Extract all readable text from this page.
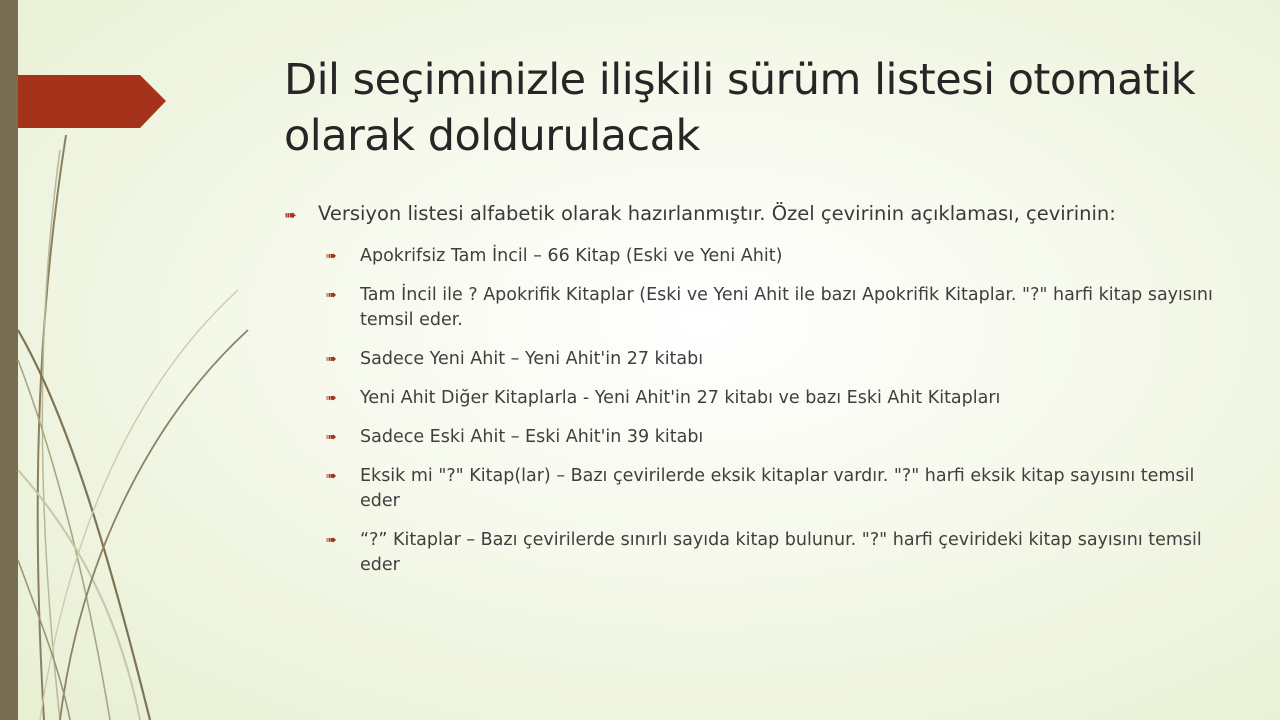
Dil seçiminizle ilişkili sürüm listesi otomatik olarak doldurulacak
➠ Versiyon listesi alfabetik olarak hazırlanmıştır. Özel çevirinin açıklaması, çevirinin:
➠ Apokrifsiz Tam İncil – 66 Kitap (Eski ve Yeni Ahit)
➠ Tam İncil ile ? Apokrifik Kitaplar (Eski ve Yeni Ahit ile bazı Apokrifik Kitaplar. "?" harfi kitap sayısını temsil eder.
➠ Sadece Yeni Ahit – Yeni Ahit'in 27 kitabı
➠ Yeni Ahit Diğer Kitaplarla - Yeni Ahit'in 27 kitabı ve bazı Eski Ahit Kitapları
➠ Sadece Eski Ahit – Eski Ahit'in 39 kitabı
➠ Eksik mi "?" Kitap(lar) – Bazı çevirilerde eksik kitaplar vardır. "?" harfi eksik kitap sayısını temsil eder
➠ “?” Kitaplar – Bazı çevirilerde sınırlı sayıda kitap bulunur. "?" harfi çevirideki kitap sayısını temsil eder
